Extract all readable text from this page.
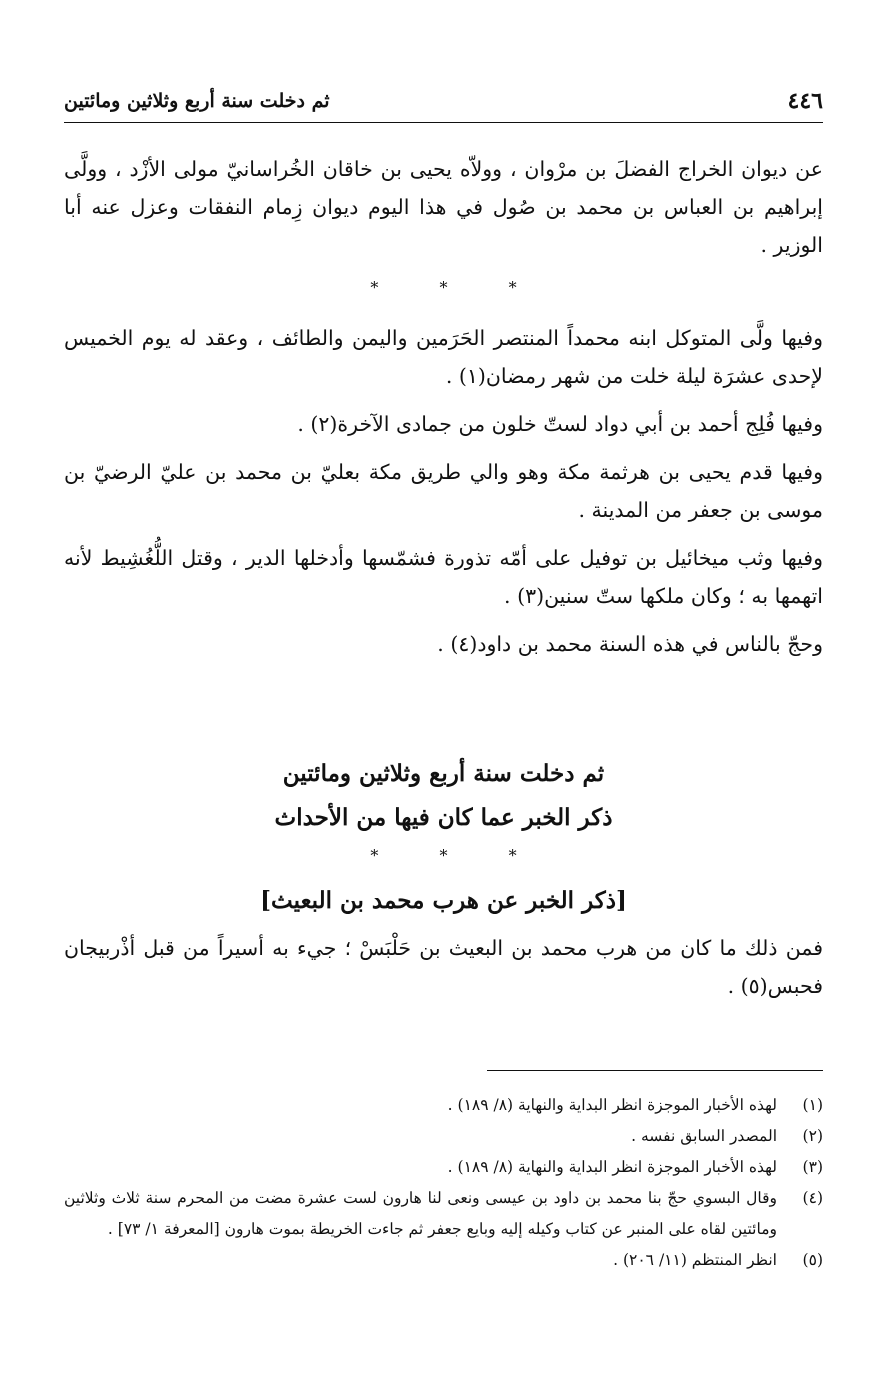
٤٤٦
ثم دخلت سنة أربع وثلاثين ومائتين

عن ديوان الخراج الفضلَ بن مرْوان ، وولاّه يحيى بن خاقان الخُراسانيّ مولى الأزْد ، وولَّى إبراهيم بن العباس بن محمد بن صُول في هذا اليوم ديوان زِمام النفقات وعزل عنه أبا الوزير .

* * *

وفيها ولَّى المتوكل ابنه محمداً المنتصر الحَرَمين واليمن والطائف ، وعقد له يوم الخميس لإحدى عشرَة ليلة خلت من شهر رمضان(١) .

وفيها فُلِج أحمد بن أبي دواد لستّ خلون من جمادى الآخرة(٢) .

وفيها قدم يحيى بن هرثمة مكة وهو والي طريق مكة بعليّ بن محمد بن عليّ الرضيّ بن موسى بن جعفر من المدينة .

وفيها وثب ميخائيل بن توفيل على أمّه تذورة فشمّسها وأدخلها الدير ، وقتل اللُّغُشِيط لأنه اتهمها به ؛ وكان ملكها ستّ سنين(٣) .

وحجّ بالناس في هذه السنة محمد بن داود(٤) .

ثم دخلت سنة أربع وثلاثين ومائتين
ذكر الخبر عما كان فيها من الأحداث
* * *
[ذكر الخبر عن هرب محمد بن البعيث]

فمن ذلك ما كان من هرب محمد بن البعيث بن حَلْبَسْ ؛ جيء به أسيراً من قبل أذْربيجان فحبس(٥) .

(١)
لهذه الأخبار الموجزة انظر البداية والنهاية (٨/ ١٨٩) .
(٢)
المصدر السابق نفسه .
(٣)
لهذه الأخبار الموجزة انظر البداية والنهاية (٨/ ١٨٩) .
(٤)
وقال البسوي حجّ بنا محمد بن داود بن عيسى ونعى لنا هارون لست عشرة مضت من المحرم سنة ثلاث وثلاثين ومائتين لقاه على المنبر عن كتاب وكيله إليه وبايع جعفر ثم جاءت الخريطة بموت هارون [المعرفة ١/ ٧٣] .
(٥)
انظر المنتظم (١١/ ٢٠٦) .
